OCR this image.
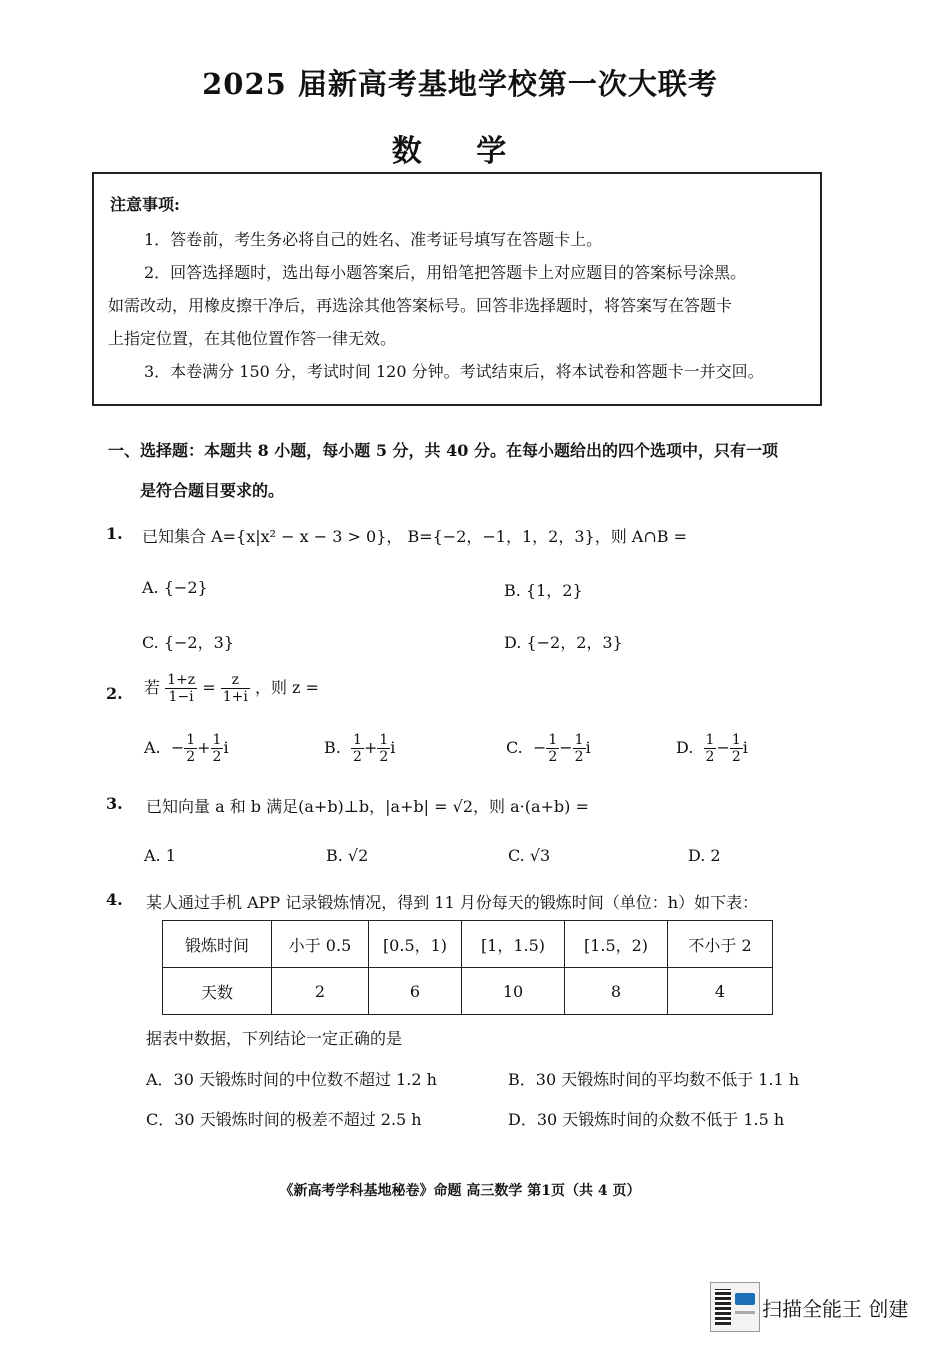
2025 届新高考基地学校第一次大联考
数 学
注意事项:
1．答卷前，考生务必将自己的姓名、准考证号填写在答题卡上。
2．回答选择题时，选出每小题答案后，用铅笔把答题卡上对应题目的答案标号涂黑。
如需改动，用橡皮擦干净后，再选涂其他答案标号。回答非选择题时，将答案写在答题卡
上指定位置，在其他位置作答一律无效。
3．本卷满分 150 分，考试时间 120 分钟。考试结束后，将本试卷和答题卡一并交回。
一、选择题：本题共 8 小题，每小题 5 分，共 40 分。在每小题给出的四个选项中，只有一项
是符合题目要求的。
1. 已知集合 A={x|x² − x − 3 > 0}， B={−2，−1，1，2，3}，则 A∩B =
A. {−2}	B. {1，2}
C. {−2，3}	D. {−2，2，3}
2. 若 $\frac{1+z}{1-i} = \frac{z}{1+i}$ ，则 z =
A. − $\frac{1}{2} + \frac{1}{2}$ i	B. $\frac{1}{2} + \frac{1}{2}$ i	C. − $\frac{1}{2} - \frac{1}{2}$ i	D. $\frac{1}{2} - \frac{1}{2}$ i
3. 已知向量 a 和 b 满足(a+b)⊥b，|a+b| = √2，则 a·(a+b) =
A. 1	B. √2	C. √3	D. 2
4. 某人通过手机 APP 记录锻炼情况，得到 11 月份每天的锻炼时间（单位：h）如下表：
锻炼时间	小于 0.5	[0.5，1)	[1，1.5)	[1.5，2)	不小于 2
天数	2	6	10	8	4
据表中数据，下列结论一定正确的是
A．30 天锻炼时间的中位数不超过 1.2 h	B．30 天锻炼时间的平均数不低于 1.1 h
C．30 天锻炼时间的极差不超过 2.5 h	D．30 天锻炼时间的众数不低于 1.5 h
《新高考学科基地秘卷》命题 高三数学 第1页（共 4 页）
扫描全能王 创建
